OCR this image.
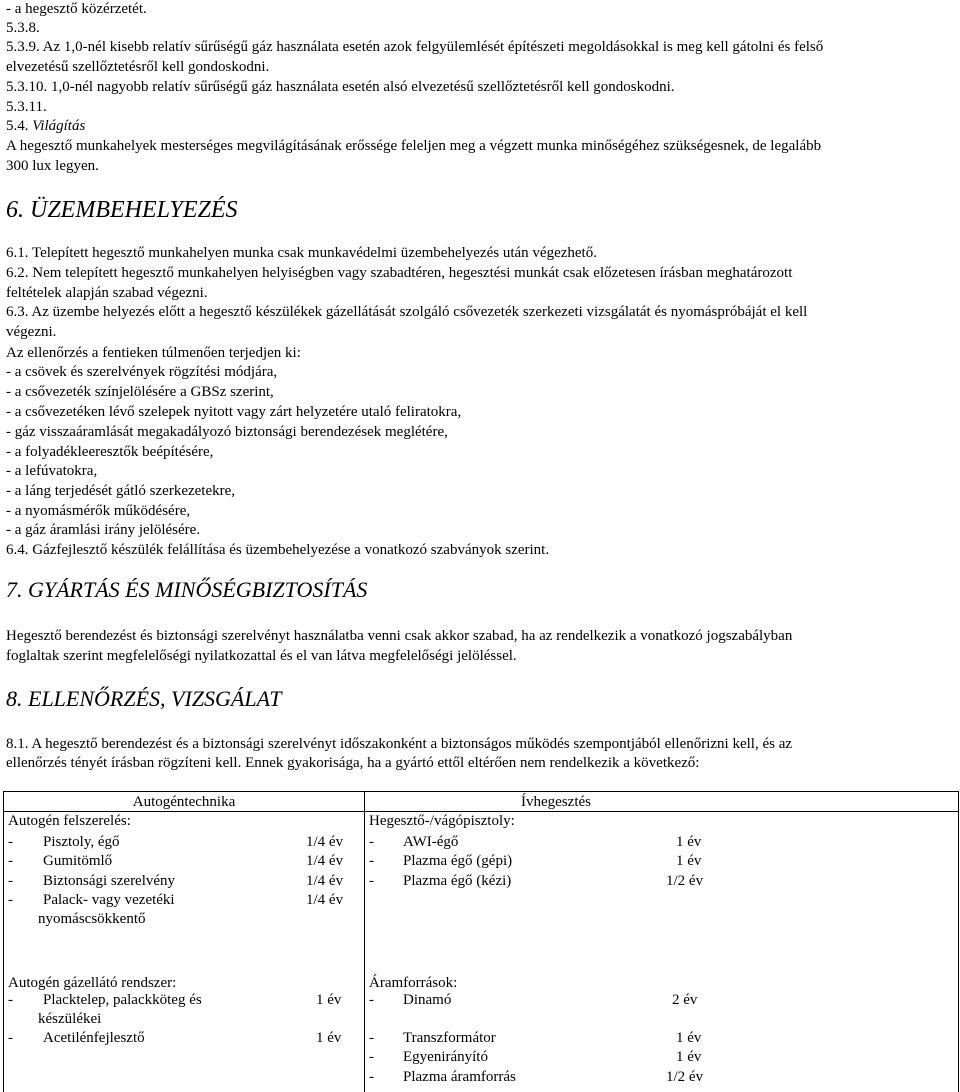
- a hegesztő közérzetét.
5.3.8.
5.3.9. Az 1,0-nél kisebb relatív sűrűségű gáz használata esetén azok felgyülemlését építészeti megoldásokkal is meg kell gátolni és felső
elvezetésű szellőztetésről kell gondoskodni.
5.3.10. 1,0-nél nagyobb relatív sűrűségű gáz használata esetén alsó elvezetésű szellőztetésről kell gondoskodni.
5.3.11.
5.4. Világítás
A hegesztő munkahelyek mesterséges megvilágításának erőssége feleljen meg a végzett munka minőségéhez szükségesnek, de legalább
300 lux legyen.
6. ÜZEMBEHELYEZÉS
6.1. Telepített hegesztő munkahelyen munka csak munkavédelmi üzembehelyezés után végezhető.
6.2. Nem telepített hegesztő munkahelyen helyiségben vagy szabadtéren, hegesztési munkát csak előzetesen írásban meghatározott
feltételek alapján szabad végezni.
6.3. Az üzembe helyezés előtt a hegesztő készülékek gázellátását szolgáló csővezeték szerkezeti vizsgálatát és nyomáspróbáját el kell
végezni.
Az ellenőrzés a fentieken túlmenően terjedjen ki:
- a csövek és szerelvények rögzítési módjára,
- a csővezeték színjelölésére a GBSz szerint,
- a csővezetéken lévő szelepek nyitott vagy zárt helyzetére utaló feliratokra,
- gáz visszaáramlását megakadályozó biztonsági berendezések meglétére,
- a folyadékleeresztők beépítésére,
- a lefúvatokra,
- a láng terjedését gátló szerkezetekre,
- a nyomásmérők működésére,
- a gáz áramlási irány jelölésére.
6.4. Gázfejlesztő készülék felállítása és üzembehelyezése a vonatkozó szabványok szerint.
7. GYÁRTÁS ÉS MINŐSÉGBIZTOSÍTÁS
Hegesztő berendezést és biztonsági szerelvényt használatba venni csak akkor szabad, ha az rendelkezik a vonatkozó jogszabályban
foglaltak szerint megfelelőségi nyilatkozattal és el van látva megfelelőségi jelöléssel.
8. ELLENŐRZÉS, VIZSGÁLAT
8.1. A hegesztő berendezést és a biztonsági szerelvényt időszakonként a biztonságos működés szempontjából ellenőrizni kell, és az
ellenőrzés tényét írásban rögzíteni kell. Ennek gyakorisága, ha a gyártó ettől eltérően nem rendelkezik a következő:
Autogéntechnika	Ívhegesztés
Autogén felszerelés:
- Pisztoly, égő	1/4 év
- Gumitömlő	1/4 év
- Biztonsági szerelvény	1/4 év
- Palack- vagy vezetéki	1/4 év
nyomáscsökkentő
Autogén gázellátó rendszer:
- Placktelep, palackköteg és	1 év
készülékei
- Acetilénfejlesztő	1 év
Hegesztő-/vágópisztoly:
- AWI-égő	1 év
- Plazma égő (gépi)	1 év
- Plazma égő (kézi)	1/2 év
Áramforrások:
- Dinamó	2 év
- Transzformátor	1 év
- Egyenirányító	1 év
- Plazma áramforrás	1/2 év
